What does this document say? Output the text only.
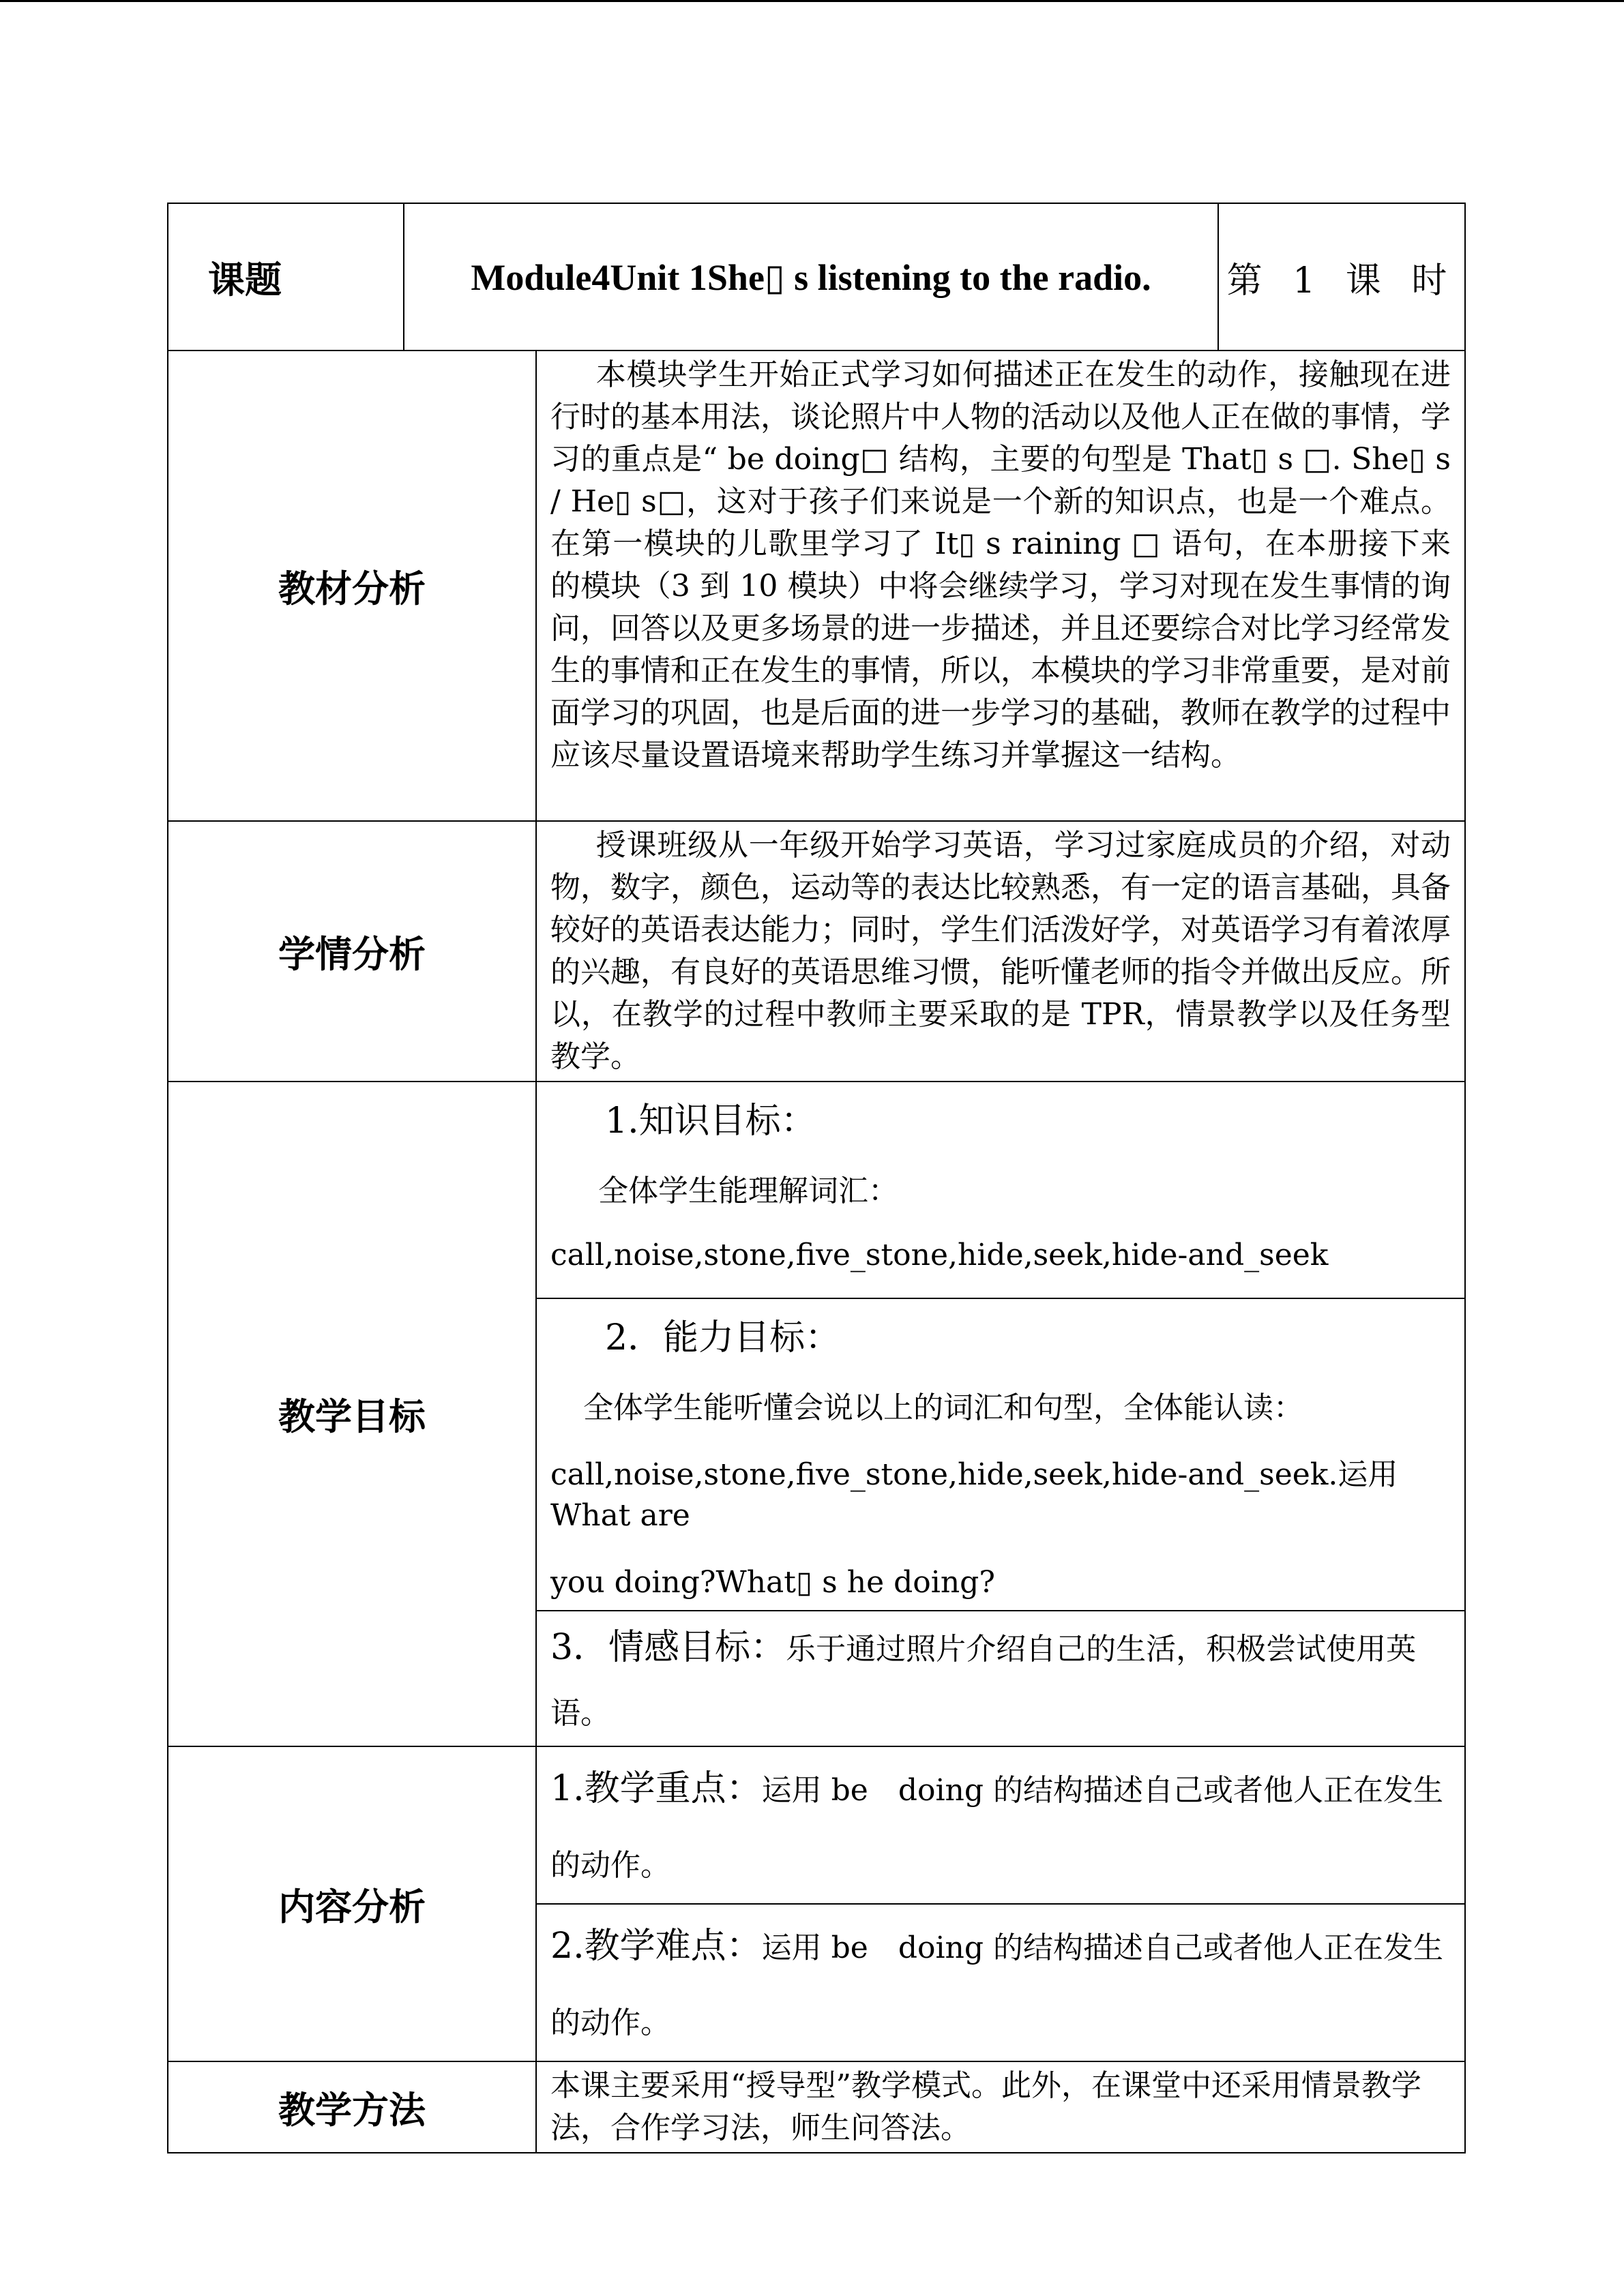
课题	Module4Unit 1She▯ s listening to the radio.		第 1 课 时
教材分析		本模块学生开始正式学习如何描述正在发生的动作，接触现在进行时的基本用法，谈论照片中人物的活动以及他人正在做的事情，学习的重点是“ be doing□ 结构，主要的句型是 That▯ s □. She▯ s / He▯ s□，这对于孩子们来说是一个新的知识点，也是一个难点。在第一模块的儿歌里学习了 It▯ s raining □ 语句，在本册接下来的模块（3 到 10 模块）中将会继续学习，学习对现在发生事情的询问，回答以及更多场景的进一步描述，并且还要综合对比学习经常发生的事情和正在发生的事情，所以，本模块的学习非常重要，是对前面学习的巩固，也是后面的进一步学习的基础，教师在教学的过程中应该尽量设置语境来帮助学生练习并掌握这一结构。	
学情分析		授课班级从一年级开始学习英语，学习过家庭成员的介绍，对动物，数字，颜色，运动等的表达比较熟悉，有一定的语言基础，具备较好的英语表达能力；同时，学生们活泼好学，对英语学习有着浓厚的兴趣，有良好的英语思维习惯，能听懂老师的指令并做出反应。所以，在教学的过程中教师主要采取的是 TPR，情景教学以及任务型教学。	
教学目标		1.知识目标：
全体学生能理解词汇：
call,noise,stone,five_stone,hide,seek,hide-and_seek	

		2．能力目标：
全体学生能听懂会说以上的词汇和句型，全体能认读：
call,noise,stone,five_stone,hide,seek,hide-and_seek.运用 What are
you doing?What▯ s he doing?	

		3．情感目标：乐于通过照片介绍自己的生活，积极尝试使用英语。	
内容分析		1.教学重点：运用 be　doing 的结构描述自己或者他人正在发生的动作。	
		2.教学难点：运用 be　doing 的结构描述自己或者他人正在发生的动作。	
教学方法		本课主要采用“授导型”教学模式。此外，在课堂中还采用情景教学法，合作学习法，师生问答法。	
